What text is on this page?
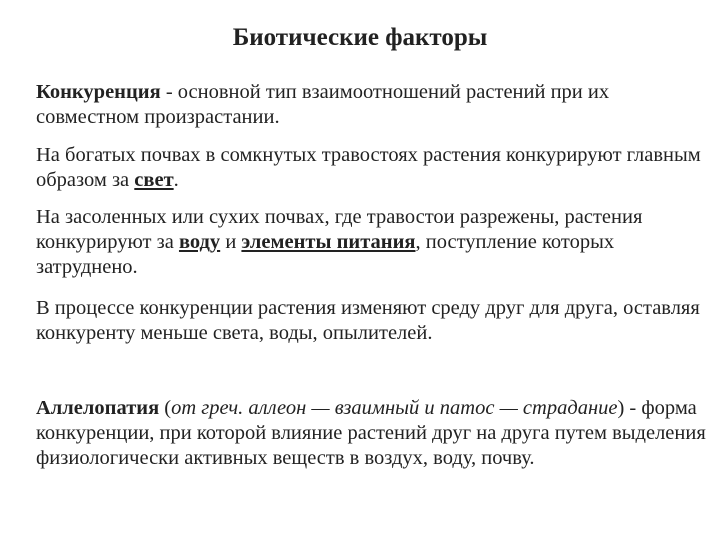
Биотические факторы
Конкуренция - основной тип взаимоотношений растений при их совместном произрастании.
На богатых почвах в сомкнутых травостоях растения конкурируют главным образом за свет.
На засоленных или сухих почвах, где травостои разрежены, растения конкурируют за воду и элементы питания, поступление которых затруднено.
В процессе конкуренции растения изменяют среду друг для друга, оставляя конкуренту меньше света, воды, опылителей.
Аллелопатия (от греч. аллеон — взаимный и патос — страдание) - форма конкуренции, при которой влияние растений друг на друга путем выделения физиологически активных веществ в воздух, воду, почву.
